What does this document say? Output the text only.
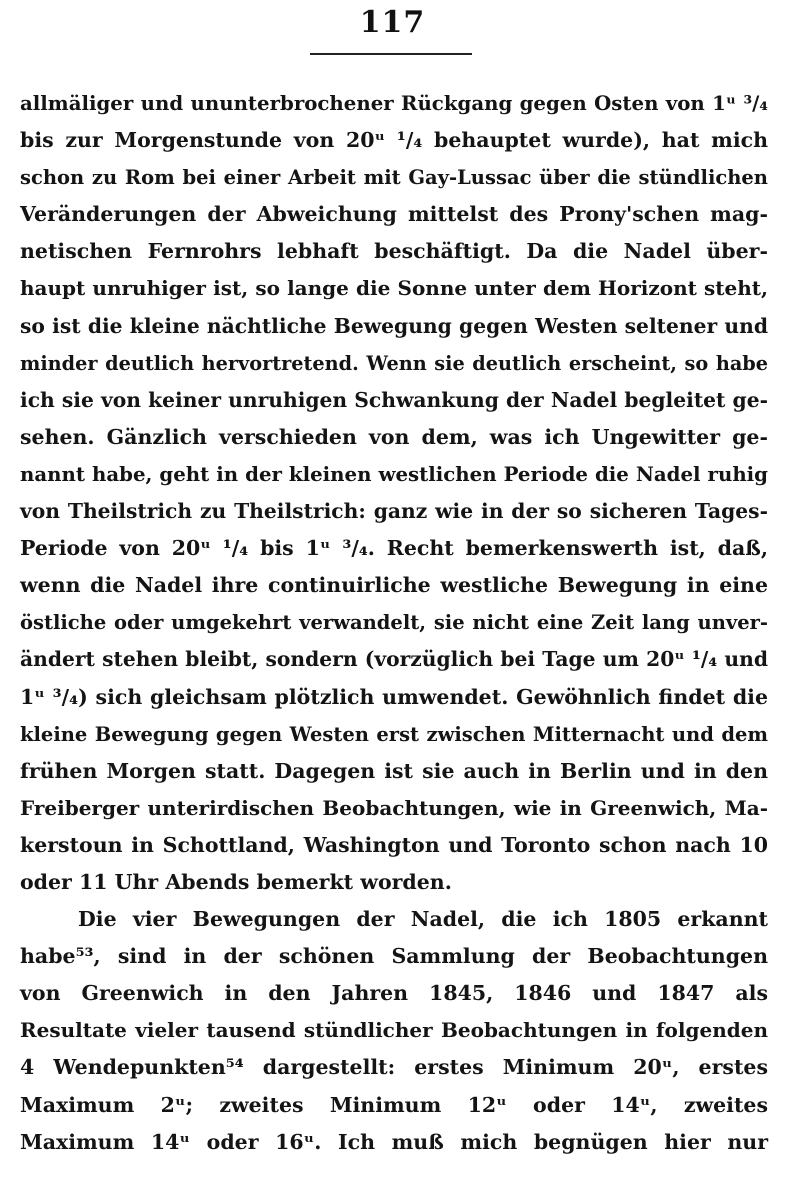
117
allmäliger und ununterbrochener Rückgang gegen Osten von 1ᵘ ³/₄
bis zur Morgenstunde von 20ᵘ ¹/₄ behauptet wurde), hat mich
schon zu Rom bei einer Arbeit mit Gay-Lussac über die stündlichen
Veränderungen der Abweichung mittelst des Prony'schen mag-
netischen Fernrohrs lebhaft beschäftigt. Da die Nadel über-
haupt unruhiger ist, so lange die Sonne unter dem Horizont steht,
so ist die kleine nächtliche Bewegung gegen Westen seltener und
minder deutlich hervortretend. Wenn sie deutlich erscheint, so habe
ich sie von keiner unruhigen Schwankung der Nadel begleitet ge-
sehen. Gänzlich verschieden von dem, was ich Ungewitter ge-
nannt habe, geht in der kleinen westlichen Periode die Nadel ruhig
von Theilstrich zu Theilstrich: ganz wie in der so sicheren Tages-
Periode von 20ᵘ ¹/₄ bis 1ᵘ ³/₄. Recht bemerkenswerth ist, daß,
wenn die Nadel ihre continuirliche westliche Bewegung in eine
östliche oder umgekehrt verwandelt, sie nicht eine Zeit lang unver-
ändert stehen bleibt, sondern (vorzüglich bei Tage um 20ᵘ ¹/₄ und
1ᵘ ³/₄) sich gleichsam plötzlich umwendet. Gewöhnlich findet die
kleine Bewegung gegen Westen erst zwischen Mitternacht und dem
frühen Morgen statt. Dagegen ist sie auch in Berlin und in den
Freiberger unterirdischen Beobachtungen, wie in Greenwich, Ma-
kerstoun in Schottland, Washington und Toronto schon nach 10
oder 11 Uhr Abends bemerkt worden.
Die vier Bewegungen der Nadel, die ich 1805 erkannt
habe⁵³, sind in der schönen Sammlung der Beobachtungen
von Greenwich in den Jahren 1845, 1846 und 1847 als
Resultate vieler tausend stündlicher Beobachtungen in folgenden
4 Wendepunkten⁵⁴ dargestellt: erstes Minimum 20ᵘ, erstes
Maximum 2ᵘ; zweites Minimum 12ᵘ oder 14ᵘ, zweites
Maximum 14ᵘ oder 16ᵘ. Ich muß mich begnügen hier nur
